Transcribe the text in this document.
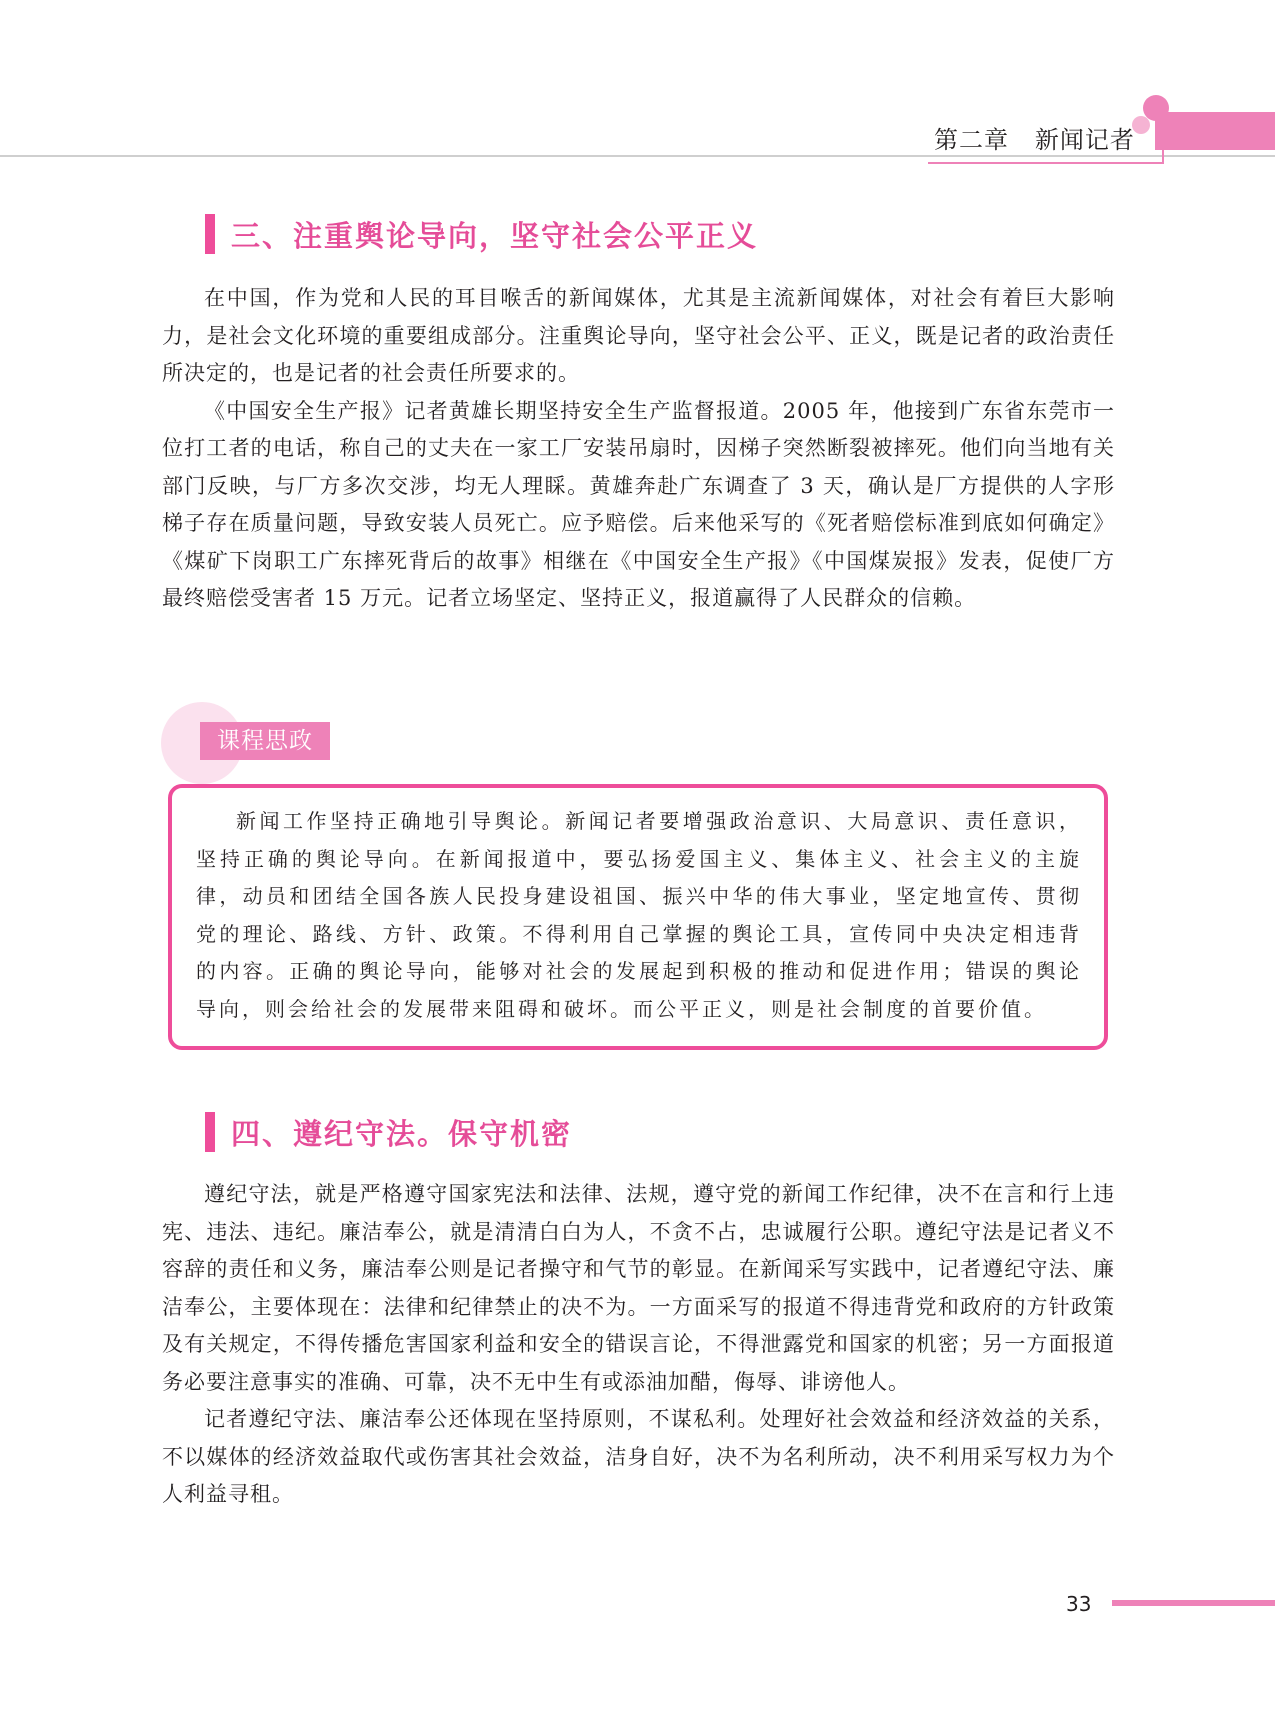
第二章 新闻记者
三、注重舆论导向，坚守社会公平正义

在中国，作为党和人民的耳目喉舌的新闻媒体，尤其是主流新闻媒体，对社会有着巨大影响力，是社会文化环境的重要组成部分。注重舆论导向，坚守社会公平、正义，既是记者的政治责任所决定的，也是记者的社会责任所要求的。

《中国安全生产报》记者黄雄长期坚持安全生产监督报道。2005 年，他接到广东省东莞市一位打工者的电话，称自己的丈夫在一家工厂安装吊扇时，因梯子突然断裂被摔死。他们向当地有关部门反映，与厂方多次交涉，均无人理睬。黄雄奔赴广东调查了 3 天，确认是厂方提供的人字形梯子存在质量问题，导致安装人员死亡。应予赔偿。后来他采写的《死者赔偿标准到底如何确定》《煤矿下岗职工广东摔死背后的故事》相继在《中国安全生产报》《中国煤炭报》发表，促使厂方最终赔偿受害者 15 万元。记者立场坚定、坚持正义，报道赢得了人民群众的信赖。

课程思政
新闻工作坚持正确地引导舆论。新闻记者要增强政治意识、大局意识、责任意识，坚持正确的舆论导向。在新闻报道中，要弘扬爱国主义、集体主义、社会主义的主旋律，动员和团结全国各族人民投身建设祖国、振兴中华的伟大事业，坚定地宣传、贯彻党的理论、路线、方针、政策。不得利用自己掌握的舆论工具，宣传同中央决定相违背的内容。正确的舆论导向，能够对社会的发展起到积极的推动和促进作用；错误的舆论导向，则会给社会的发展带来阻碍和破坏。而公平正义，则是社会制度的首要价值。
四、遵纪守法。保守机密

遵纪守法，就是严格遵守国家宪法和法律、法规，遵守党的新闻工作纪律，决不在言和行上违宪、违法、违纪。廉洁奉公，就是清清白白为人，不贪不占，忠诚履行公职。遵纪守法是记者义不容辞的责任和义务，廉洁奉公则是记者操守和气节的彰显。在新闻采写实践中，记者遵纪守法、廉洁奉公，主要体现在：法律和纪律禁止的决不为。一方面采写的报道不得违背党和政府的方针政策及有关规定，不得传播危害国家利益和安全的错误言论，不得泄露党和国家的机密；另一方面报道务必要注意事实的准确、可靠，决不无中生有或添油加醋，侮辱、诽谤他人。

记者遵纪守法、廉洁奉公还体现在坚持原则，不谋私利。处理好社会效益和经济效益的关系，不以媒体的经济效益取代或伤害其社会效益，洁身自好，决不为名利所动，决不利用采写权力为个人利益寻租。

33
